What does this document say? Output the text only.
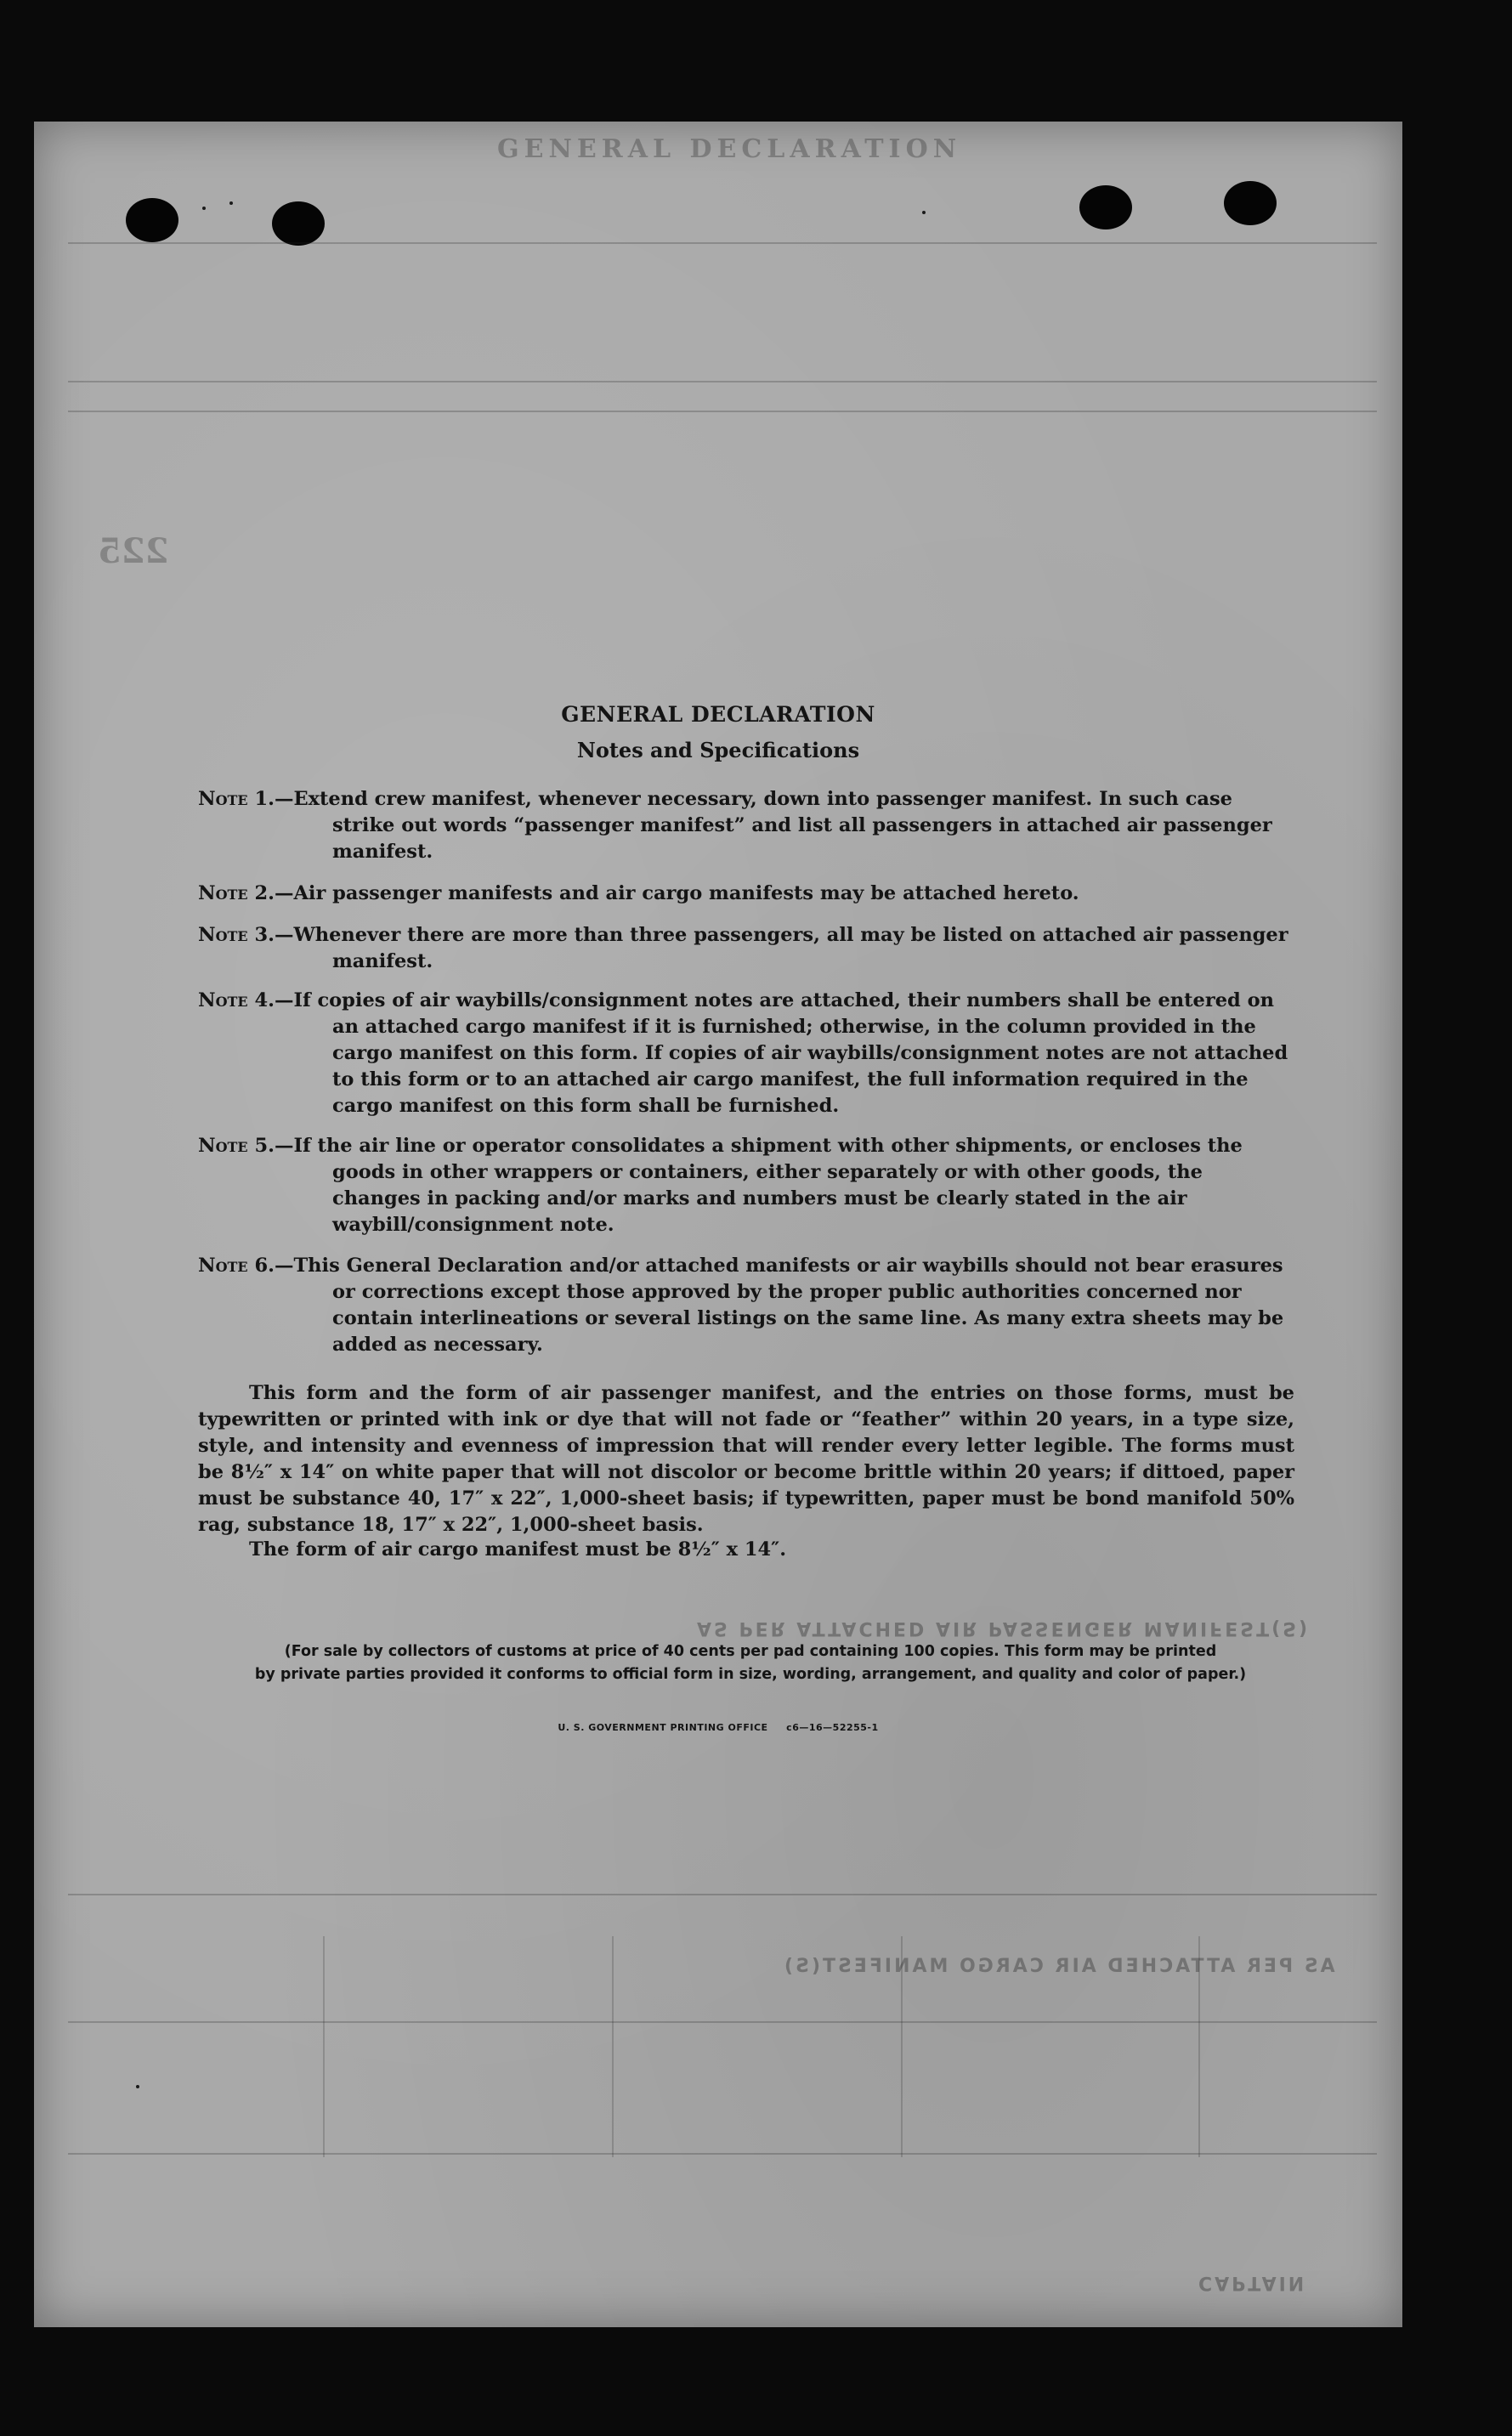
GENERAL DECLARATION
225
AS PER ATTACHED AIR PASSENGER MANIFEST(S)
AS PER ATTACHED AIR CARGO MANIFEST(S)
CAPTAIN
GENERAL DECLARATION
Notes and Specifications
Note 1.—Extend crew manifest, whenever necessary, down into passenger manifest. In such case strike out words “passenger manifest” and list all passengers in attached air passenger manifest.
Note 2.—Air passenger manifests and air cargo manifests may be attached hereto.
Note 3.—Whenever there are more than three passengers, all may be listed on attached air passenger manifest.
Note 4.—If copies of air waybills/consignment notes are attached, their numbers shall be entered on an attached cargo manifest if it is furnished; otherwise, in the column provided in the cargo manifest on this form. If copies of air waybills/consignment notes are not attached to this form or to an attached air cargo manifest, the full information required in the cargo manifest on this form shall be furnished.
Note 5.—If the air line or operator consolidates a shipment with other shipments, or encloses the goods in other wrappers or containers, either separately or with other goods, the changes in packing and/or marks and numbers must be clearly stated in the air waybill/consignment note.
Note 6.—This General Declaration and/or attached manifests or air waybills should not bear erasures or corrections except those approved by the proper public authorities concerned nor contain interlineations or several listings on the same line. As many extra sheets may be added as necessary.
This form and the form of air passenger manifest, and the entries on those forms, must be typewritten or printed with ink or dye that will not fade or “feather” within 20 years, in a type size, style, and intensity and evenness of impression that will render every letter legible. The forms must be 8½″ x 14″ on white paper that will not discolor or become brittle within 20 years; if dittoed, paper must be substance 40, 17″ x 22″, 1,000-sheet basis; if typewritten, paper must be bond manifold 50% rag, substance 18, 17″ x 22″, 1,000-sheet basis.
The form of air cargo manifest must be 8½″ x 14″.
(For sale by collectors of customs at price of 40 cents per pad containing 100 copies. This form may be printed
by private parties provided it conforms to official form in size, wording, arrangement, and quality and color of paper.)
U. S. GOVERNMENT PRINTING OFFICE     c6—16—52255-1
